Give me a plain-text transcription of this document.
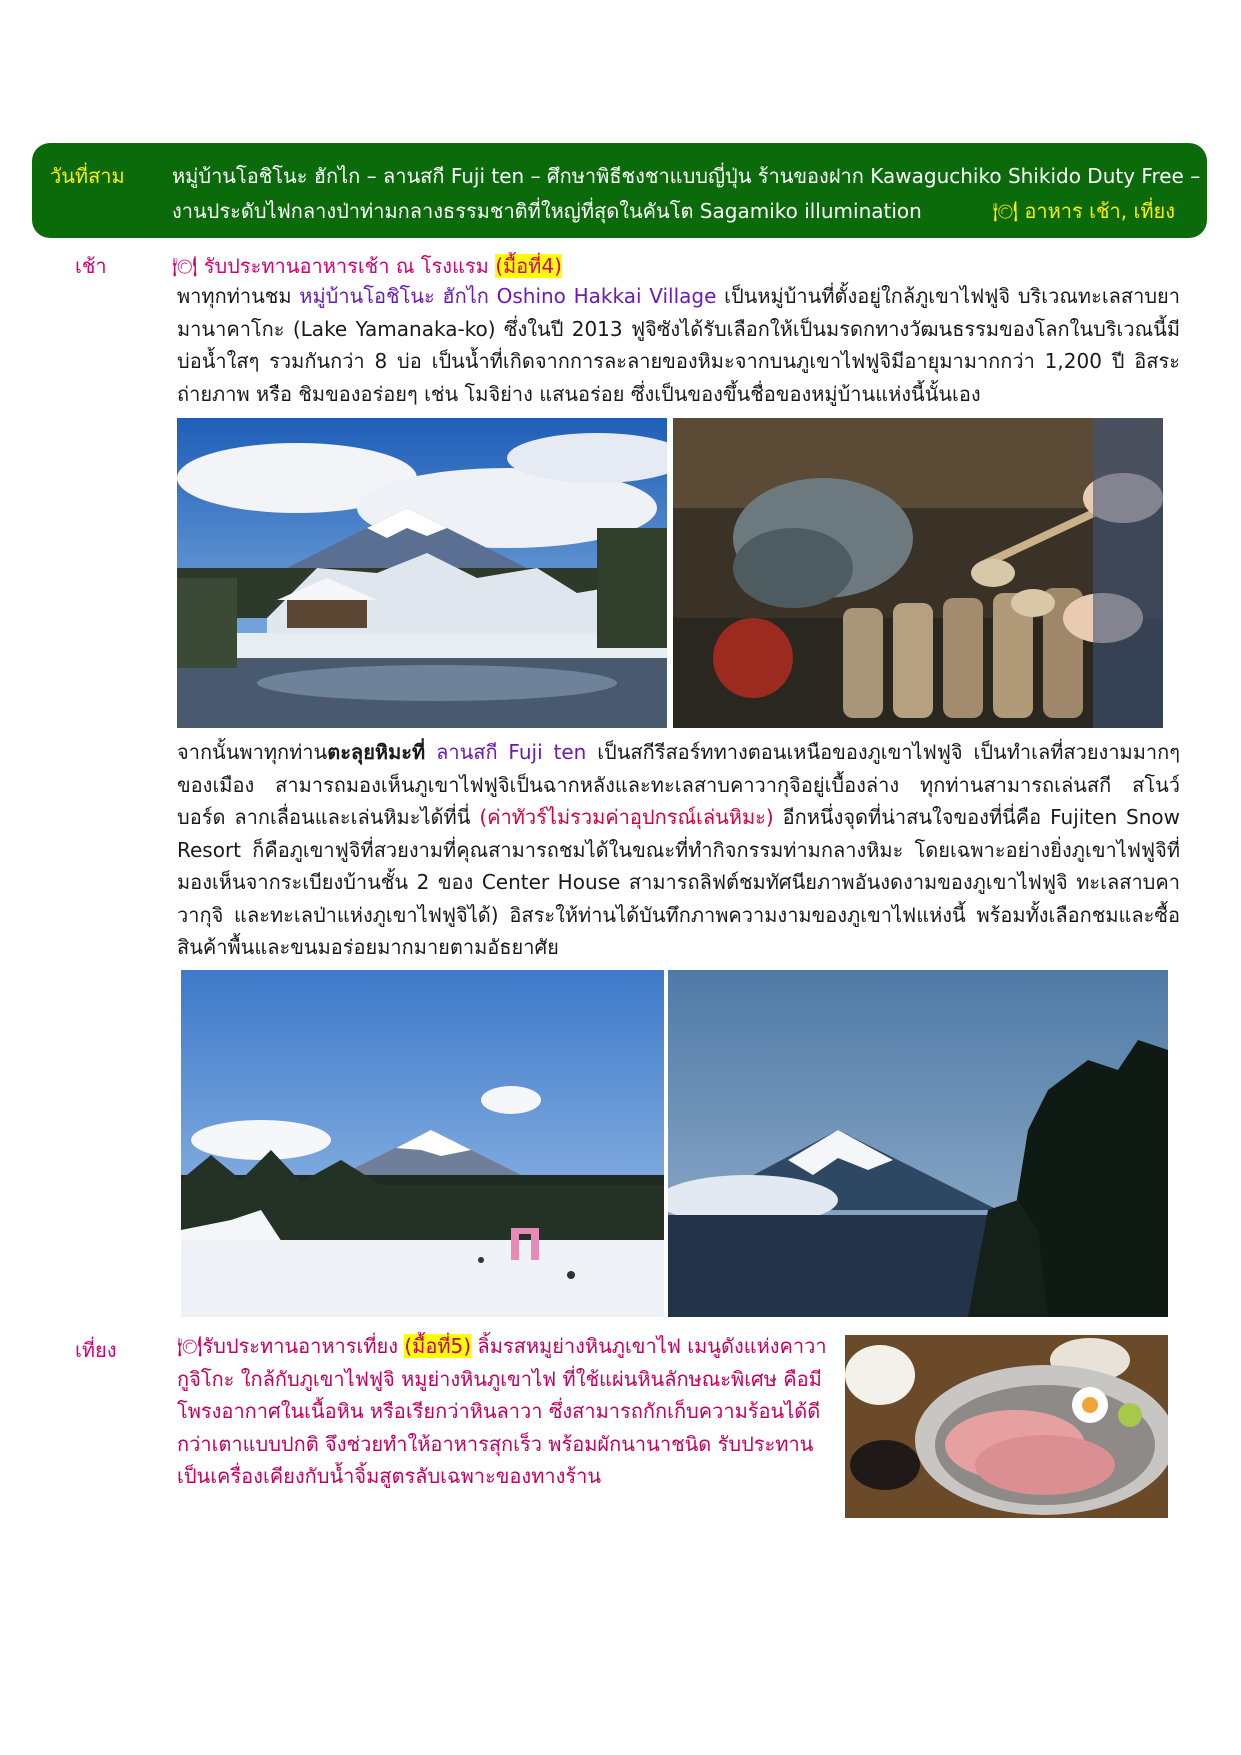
วันที่สาม หมู่บ้านโอชิโนะ ฮักไก – ลานสกี Fuji ten – ศึกษาพิธีชงชาแบบญี่ปุ่น ร้านของฝาก Kawaguchiko Shikido Duty Free –
งานประดับไฟกลางป่าท่ามกลางธรรมชาติที่ใหญ่ที่สุดในคันโต Sagamiko illumination	🍽 อาหาร เช้า, เที่ยง
เช้า	🍽 รับประทานอาหารเช้า ณ โรงแรม (มื้อที่4)
พาทุกท่านชม หมู่บ้านโอชิโนะ ฮักไก Oshino Hakkai Village เป็นหมู่บ้านที่ตั้งอยู่ใกล้ภูเขาไฟฟูจิ บริเวณทะเลสาบยามานาคาโกะ (Lake Yamanaka-ko) ซึ่งในปี 2013 ฟูจิซังได้รับเลือกให้เป็นมรดกทางวัฒนธรรมของโลกในบริเวณนี้มีบ่อน้ำใสๆ รวมกันกว่า 8 บ่อ เป็นน้ำที่เกิดจากการละลายของหิมะจากบนภูเขาไฟฟูจิมีอายุมามากกว่า 1,200 ปี อิสระถ่ายภาพ หรือ ชิมของอร่อยๆ เช่น โมจิย่าง แสนอร่อย ซึ่งเป็นของขึ้นชื่อของหมู่บ้านแห่งนี้นั้นเอง
จากนั้นพาทุกท่านตะลุยหิมะที่ ลานสกี Fuji ten เป็นสกีรีสอร์ททางตอนเหนือของภูเขาไฟฟูจิ เป็นทำเลที่สวยงามมากๆของเมือง สามารถมองเห็นภูเขาไฟฟูจิเป็นฉากหลังและทะเลสาบคาวากุจิอยู่เบื้องล่าง ทุกท่านสามารถเล่นสกี สโนว์บอร์ด ลากเลื่อนและเล่นหิมะได้ที่นี่ (ค่าทัวร์ไม่รวมค่าอุปกรณ์เล่นหิมะ) อีกหนึ่งจุดที่น่าสนใจของที่นี่คือ Fujiten Snow Resort ก็คือภูเขาฟูจิที่สวยงามที่คุณสามารถชมได้ในขณะที่ทำกิจกรรมท่ามกลางหิมะ โดยเฉพาะอย่างยิ่งภูเขาไฟฟูจิที่มองเห็นจากระเบียงบ้านชั้น 2 ของ Center House สามารถลิฟต์ชมทัศนียภาพอันงดงามของภูเขาไฟฟูจิ ทะเลสาบคาวากุจิ และทะเลป่าแห่งภูเขาไฟฟูจิได้) อิสระให้ท่านได้บันทึกภาพความงามของภูเขาไฟแห่งนี้ พร้อมทั้งเลือกชมและซื้อสินค้าพื้นและขนมอร่อยมากมายตามอัธยาศัย
เที่ยง	🍽รับประทานอาหารเที่ยง (มื้อที่5) ลิ้มรสหมูย่างหินภูเขาไฟ เมนูดังแห่งคาวากูจิโกะ ใกล้กับภูเขาไฟฟูจิ หมูย่างหินภูเขาไฟ ที่ใช้แผ่นหินลักษณะพิเศษ คือมีโพรงอากาศในเนื้อหิน หรือเรียกว่าหินลาวา ซึ่งสามารถกักเก็บความร้อนได้ดีกว่าเตาแบบปกติ จึงช่วยทำให้อาหารสุกเร็ว พร้อมผักนานาชนิด รับประทานเป็นเครื่องเคียงกับน้ำจิ้มสูตรลับเฉพาะของทางร้าน
